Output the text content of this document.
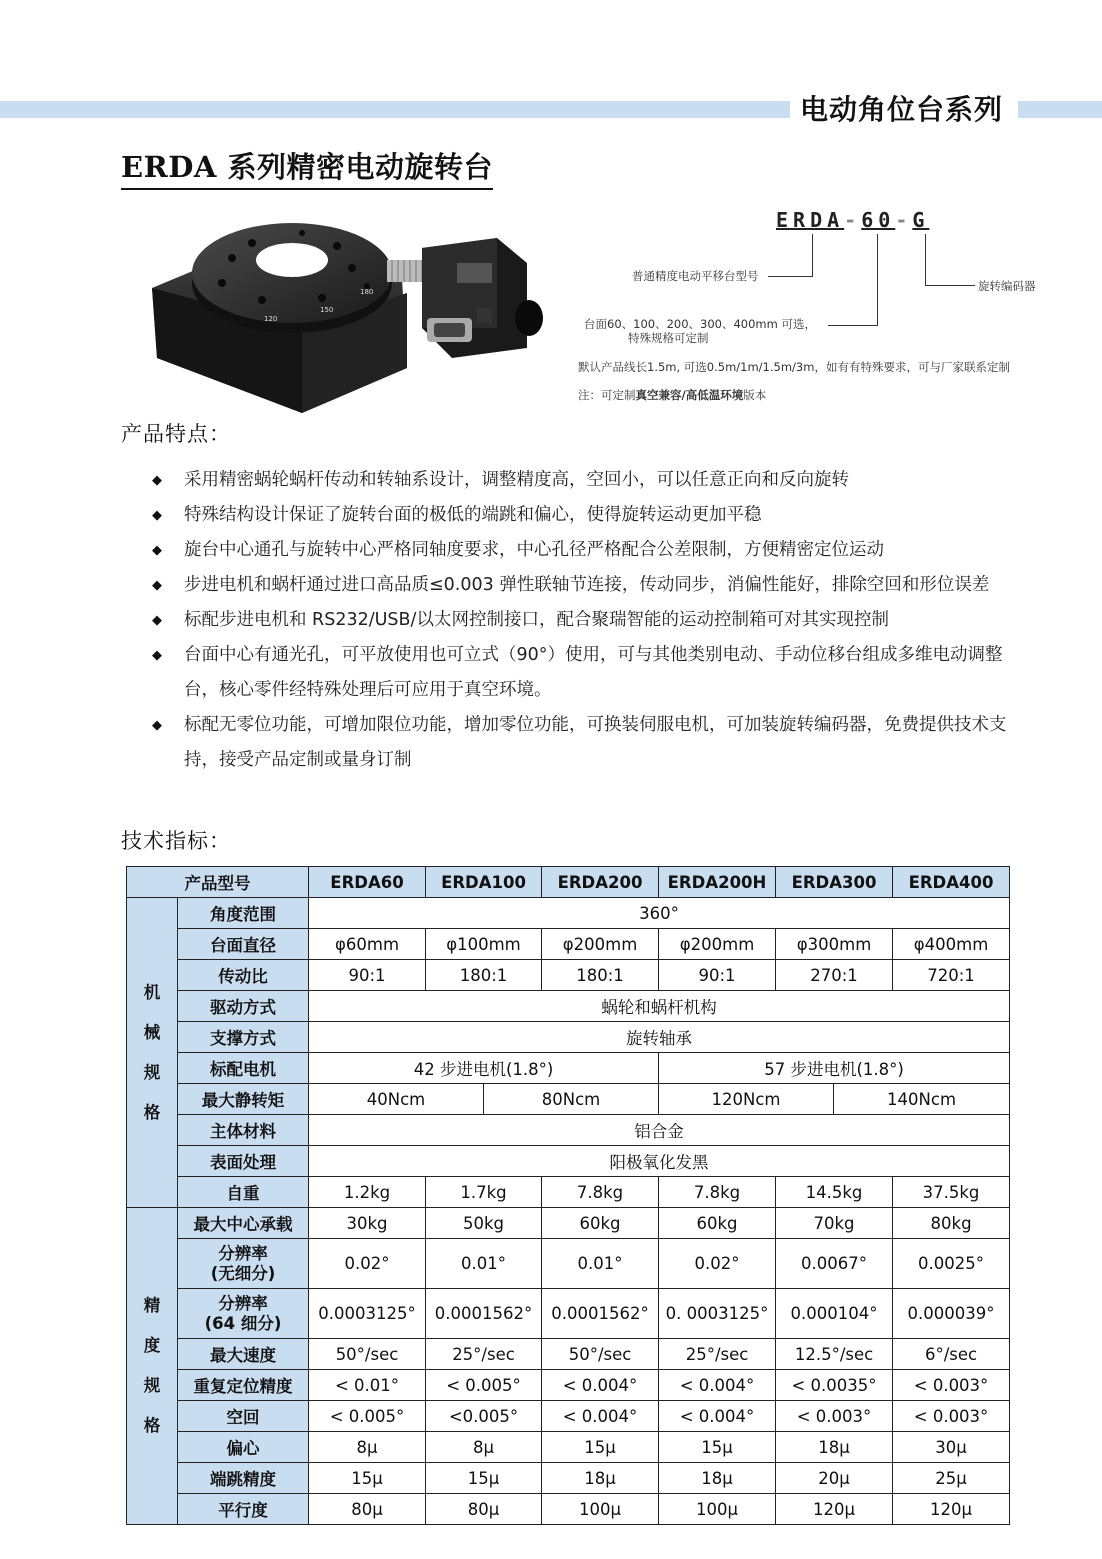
电动角位台系列
ERDA 系列精密电动旋转台
120
150
180
ERDA-60-G
普通精度电动平移台型号
台面60、100、200、300、400mm 可选，
特殊规格可定制
旋转编码器
默认产品线长1.5m, 可选0.5m/1m/1.5m/3m，如有有特殊要求，可与厂家联系定制
注：可定制真空兼容/高低温环境版本
产品特点：
◆ 采用精密蜗轮蜗杆传动和转轴系设计，调整精度高，空回小，可以任意正向和反向旋转
◆ 特殊结构设计保证了旋转台面的极低的端跳和偏心，使得旋转运动更加平稳
◆ 旋台中心通孔与旋转中心严格同轴度要求，中心孔径严格配合公差限制，方便精密定位运动
◆ 步进电机和蜗杆通过进口高品质≤0.003 弹性联轴节连接，传动同步，消偏性能好，排除空回和形位误差
◆ 标配步进电机和 RS232/USB/以太网控制接口，配合聚瑞智能的运动控制箱可对其实现控制
◆ 台面中心有通光孔，可平放使用也可立式（90°）使用，可与其他类别电动、手动位移台组成多维电动调整台，核心零件经特殊处理后可应用于真空环境。
◆ 标配无零位功能，可增加限位功能，增加零位功能，可换装伺服电机，可加装旋转编码器，免费提供技术支持，接受产品定制或量身订制
技术指标：
产品型号		ERDA60	ERDA100		ERDA200	ERDA200H	ERDA300		ERDA400
机
械
规
格	角度范围	360°							
	台面直径	φ60mm	φ100mm		φ200mm	φ200mm	φ300mm		φ400mm
	传动比	90:1	180:1		180:1	90:1	270:1		720:1
	驱动方式	蜗轮和蜗杆机构							
	支撑方式	旋转轴承							
	标配电机	42 步进电机(1.8°)				57 步进电机(1.8°)			
	最大静转矩	40Ncm		80Ncm		120Ncm		140Ncm	
	主体材料	铝合金							
	表面处理	阳极氧化发黑							
	自重	1.2kg	1.7kg		7.8kg	7.8kg	14.5kg		37.5kg
精
度
规
格	最大中心承载	30kg	50kg		60kg	60kg	70kg		80kg
	分辨率
(无细分)	0.02°	0.01°		0.01°	0.02°	0.0067°		0.0025°
	分辨率
(64 细分)	0.0003125°	0.0001562°		0.0001562°	0. 0003125°	0.000104°		0.000039°
	最大速度	50°/sec	25°/sec		50°/sec	25°/sec	12.5°/sec		6°/sec
	重复定位精度	< 0.01°	< 0.005°		< 0.004°	< 0.004°	< 0.0035°		< 0.003°
	空回	< 0.005°	<0.005°		< 0.004°	< 0.004°	< 0.003°		< 0.003°
	偏心	8μ	8μ		15μ	15μ	18μ		30μ
	端跳精度	15μ	15μ		18μ	18μ	20μ		25μ
	平行度	80μ	80μ		100μ	100μ	120μ		120μ
